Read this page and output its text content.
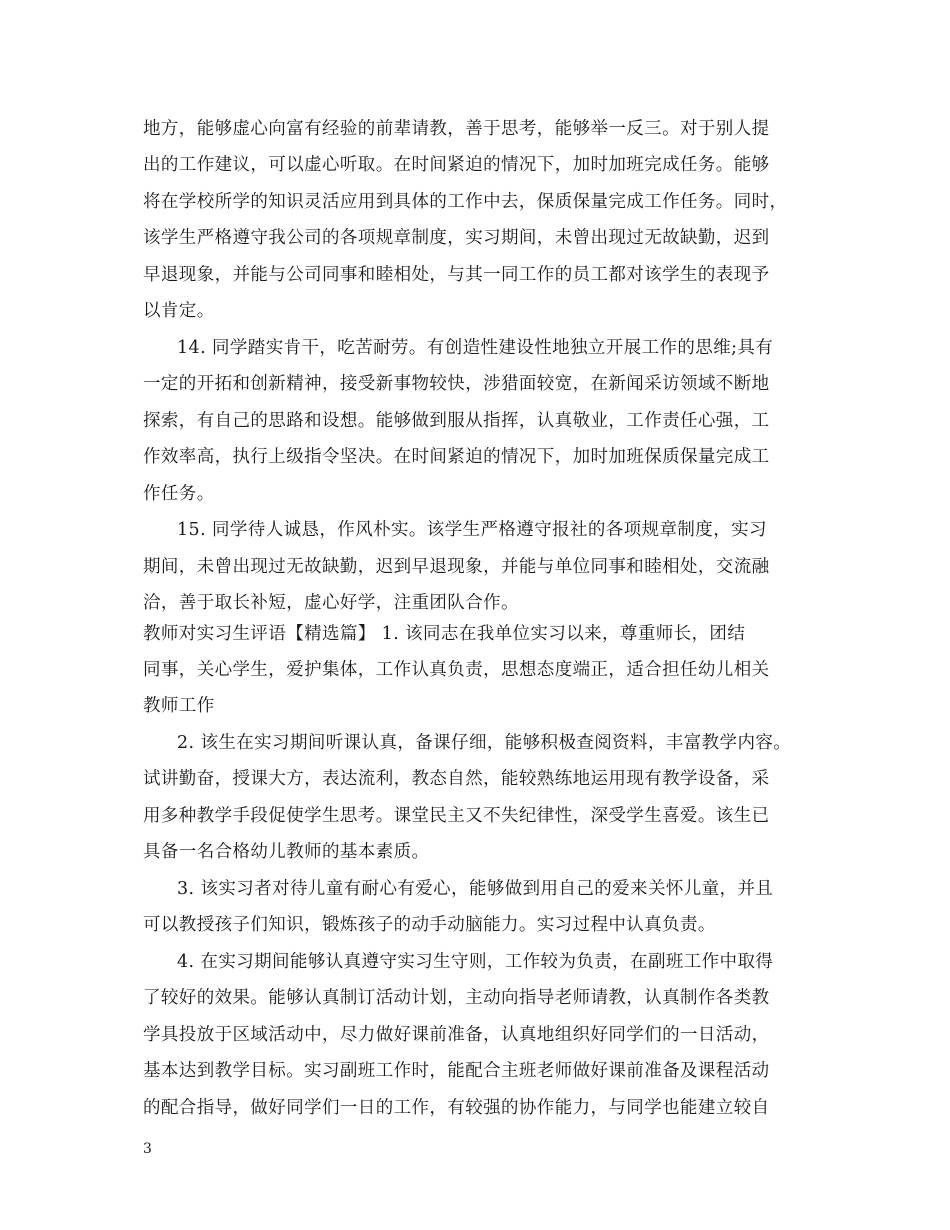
地方，能够虚心向富有经验的前辈请教，善于思考，能够举一反三。对于别人提
出的工作建议，可以虚心听取。在时间紧迫的情况下，加时加班完成任务。能够
将在学校所学的知识灵活应用到具体的工作中去，保质保量完成工作任务。同时，
该学生严格遵守我公司的各项规章制度，实习期间，未曾出现过无故缺勤，迟到
早退现象，并能与公司同事和睦相处，与其一同工作的员工都对该学生的表现予
以肯定。
14. 同学踏实肯干，吃苦耐劳。有创造性建设性地独立开展工作的思维;具有
一定的开拓和创新精神，接受新事物较快，涉猎面较宽，在新闻采访领域不断地
探索，有自己的思路和设想。能够做到服从指挥，认真敬业，工作责任心强，工
作效率高，执行上级指令坚决。在时间紧迫的情况下，加时加班保质保量完成工
作任务。
15. 同学待人诚恳，作风朴实。该学生严格遵守报社的各项规章制度，实习
期间，未曾出现过无故缺勤，迟到早退现象，并能与单位同事和睦相处，交流融
洽，善于取长补短，虚心好学，注重团队合作。
教师对实习生评语【精选篇】 1. 该同志在我单位实习以来，尊重师长，团结
同事，关心学生，爱护集体，工作认真负责，思想态度端正，适合担任幼儿相关
教师工作
2. 该生在实习期间听课认真，备课仔细，能够积极查阅资料，丰富教学内容。
试讲勤奋，授课大方，表达流利，教态自然，能较熟练地运用现有教学设备，采
用多种教学手段促使学生思考。课堂民主又不失纪律性，深受学生喜爱。该生已
具备一名合格幼儿教师的基本素质。
3. 该实习者对待儿童有耐心有爱心，能够做到用自己的爱来关怀儿童，并且
可以教授孩子们知识，锻炼孩子的动手动脑能力。实习过程中认真负责。
4. 在实习期间能够认真遵守实习生守则，工作较为负责，在副班工作中取得
了较好的效果。能够认真制订活动计划，主动向指导老师请教，认真制作各类教
学具投放于区域活动中，尽力做好课前准备，认真地组织好同学们的一日活动，
基本达到教学目标。实习副班工作时，能配合主班老师做好课前准备及课程活动
的配合指导，做好同学们一日的工作，有较强的协作能力，与同学也能建立较自
3
